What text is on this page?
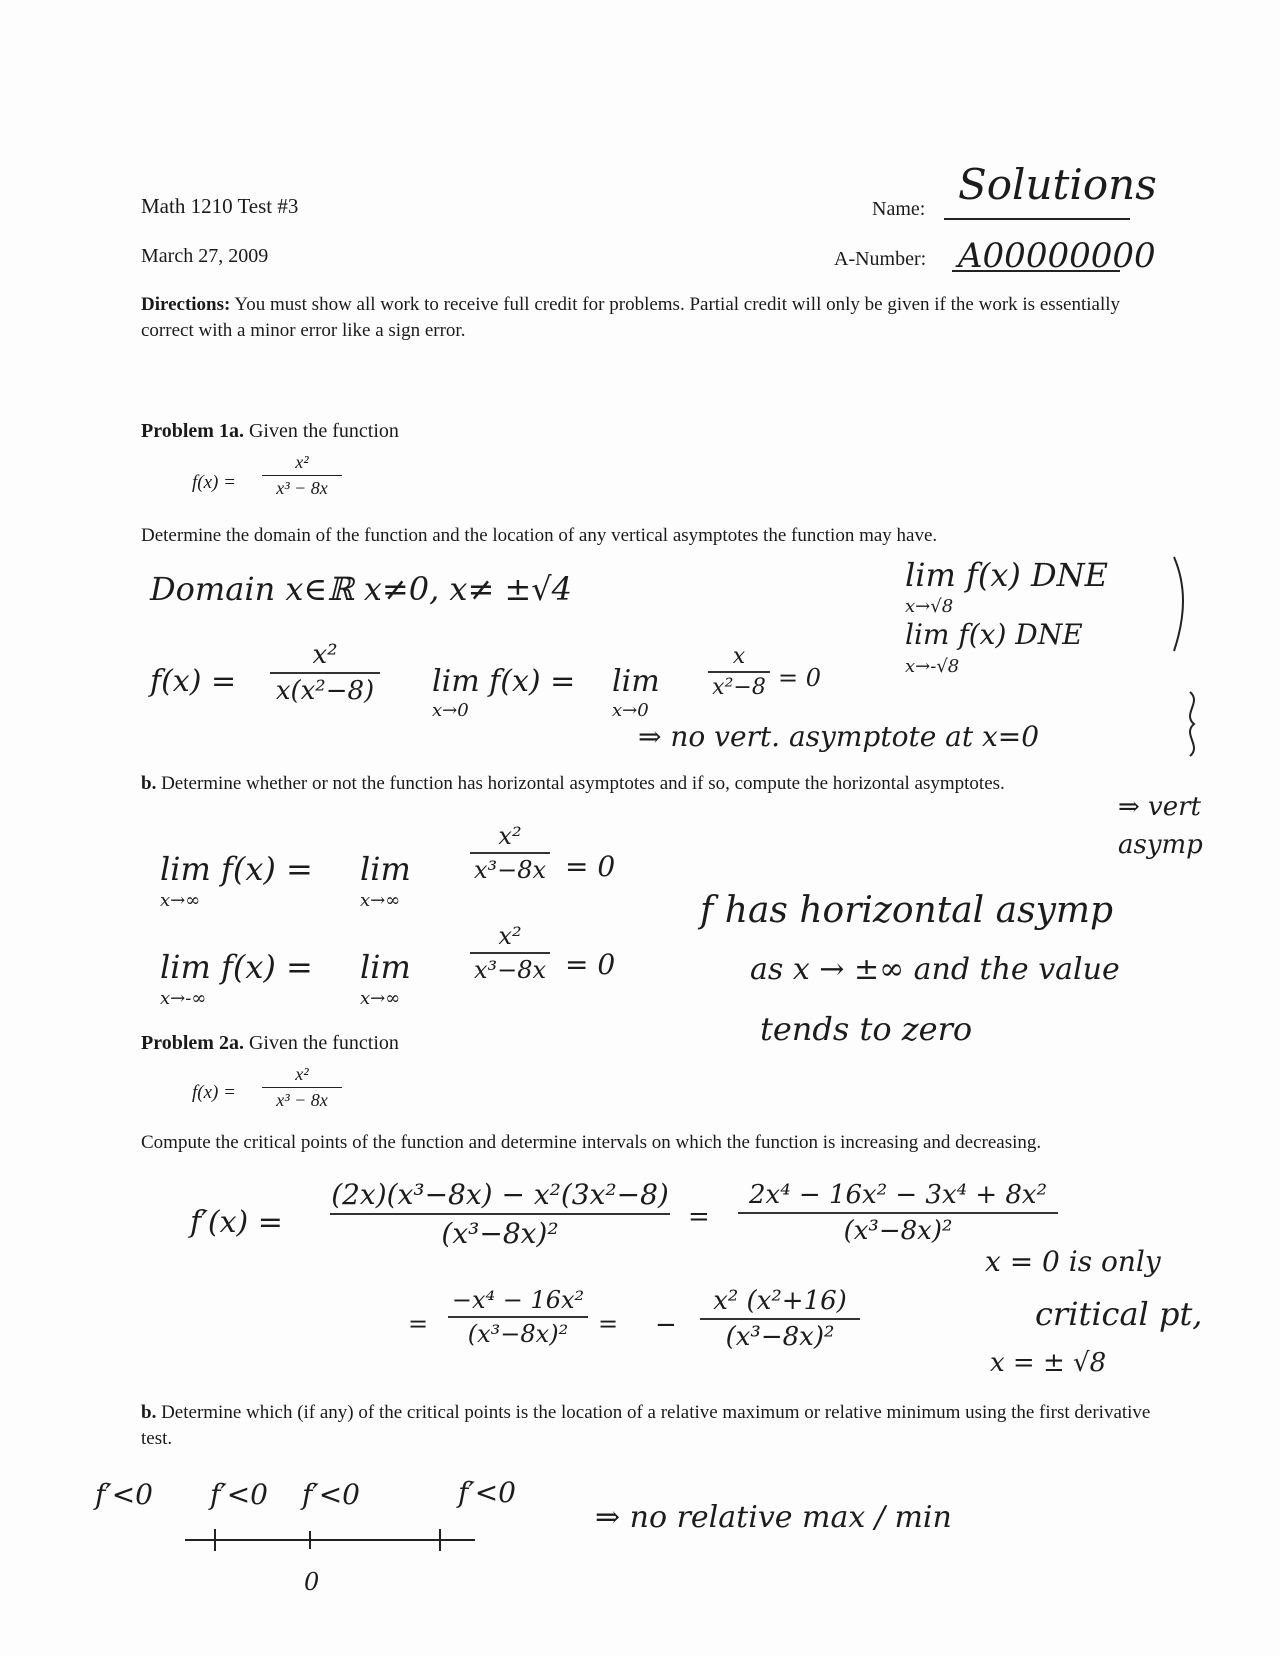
Math 1210 Test #3
March 27, 2009
Name: Solutions
A-Number: A00000000
Directions: You must show all work to receive full credit for problems. Partial credit will only be given if the work is essentially correct with a minor error like a sign error.
Problem 1a. Given the function
f(x) =
x²
x³ − 8x
Determine the domain of the function and the location of any vertical asymptotes the function may have.
Domain x∈ℝ x≠0, x≠ ±√4	lim f(x) DNE
x→√8
lim f(x) DNE
x→-√8
f(x) =
x²
x(x²−8) lim f(x) =
x→0
lim
x→0
x
x²−8 = 0
⇒ no vert. asymptote at x=0
⇒ vert asymp
b. Determine whether or not the function has horizontal asymptotes and if so, compute the horizontal asymptotes.
lim f(x) =
x→∞
lim
x→∞
x²
x³−8x = 0
lim f(x) =
x→-∞
lim
x→∞
x²
x³−8x = 0
f has horizontal asymp
as x → ±∞ and the value
tends to zero
Problem 2a. Given the function
f(x) =
x²
x³ − 8x
Compute the critical points of the function and determine intervals on which the function is increasing and decreasing.
f′(x) =
(2x)(x³−8x) − x²(3x²−8)
(x³−8x)²	=
2x⁴ − 16x² − 3x⁴ + 8x²
(x³−8x)²
=
−x⁴ − 16x²
(x³−8x)²	= −
x² (x²+16)
(x³−8x)²
x = 0 is only
critical pt,
x = ± √8
b. Determine which (if any) of the critical points is the location of a relative maximum or relative minimum using the first derivative test.
f′<0 f′<0 f′<0	f′<0
0
⇒ no relative max / min
